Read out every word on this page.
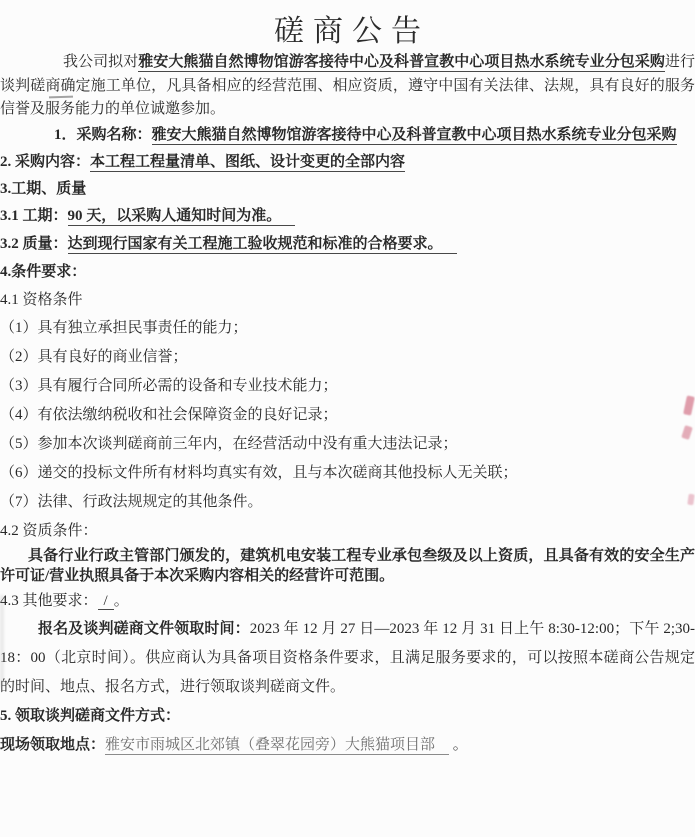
磋商公告

我公司拟对雅安大熊猫自然博物馆游客接待中心及科普宣教中心项目热水系统专业分包采购进行谈判磋商确定施工单位，凡具备相应的经营范围、相应资质，遵守中国有关法律、法规，具有良好的服务信誉及服务能力的单位诚邀参加。

1．采购名称：雅安大熊猫自然博物馆游客接待中心及科普宣教中心项目热水系统专业分包采购

2. 采购内容：本工程工程量清单、图纸、设计变更的全部内容

3.工期、质量

3.1 工期：90 天，以采购人通知时间为准。

3.2 质量：达到现行国家有关工程施工验收规范和标准的合格要求。

4.条件要求：

4.1 资格条件

（1）具有独立承担民事责任的能力；

（2）具有良好的商业信誉；

（3）具有履行合同所必需的设备和专业技术能力；

（4）有依法缴纳税收和社会保障资金的良好记录；

（5）参加本次谈判磋商前三年内，在经营活动中没有重大违法记录；

（6）递交的投标文件所有材料均真实有效，且与本次磋商其他投标人无关联；

（7）法律、行政法规规定的其他条件。

4.2 资质条件：

具备行业行政主管部门颁发的，建筑机电安装工程专业承包叁级及以上资质，且具备有效的安全生产许可证/营业执照具备于本次采购内容相关的经营许可范围。

4.3 其他要求： / 。

报名及谈判磋商文件领取时间：2023 年 12 月 27 日—2023 年 12 月 31 日上午 8:30-12:00；下午 2;30-18：00（北京时间）。供应商认为具备项目资格条件要求，且满足服务要求的，可以按照本磋商公告规定的时间、地点、报名方式，进行领取谈判磋商文件。

5. 领取谈判磋商文件方式：

现场领取地点：雅安市雨城区北郊镇（叠翠花园旁）大熊猫项目部 。
